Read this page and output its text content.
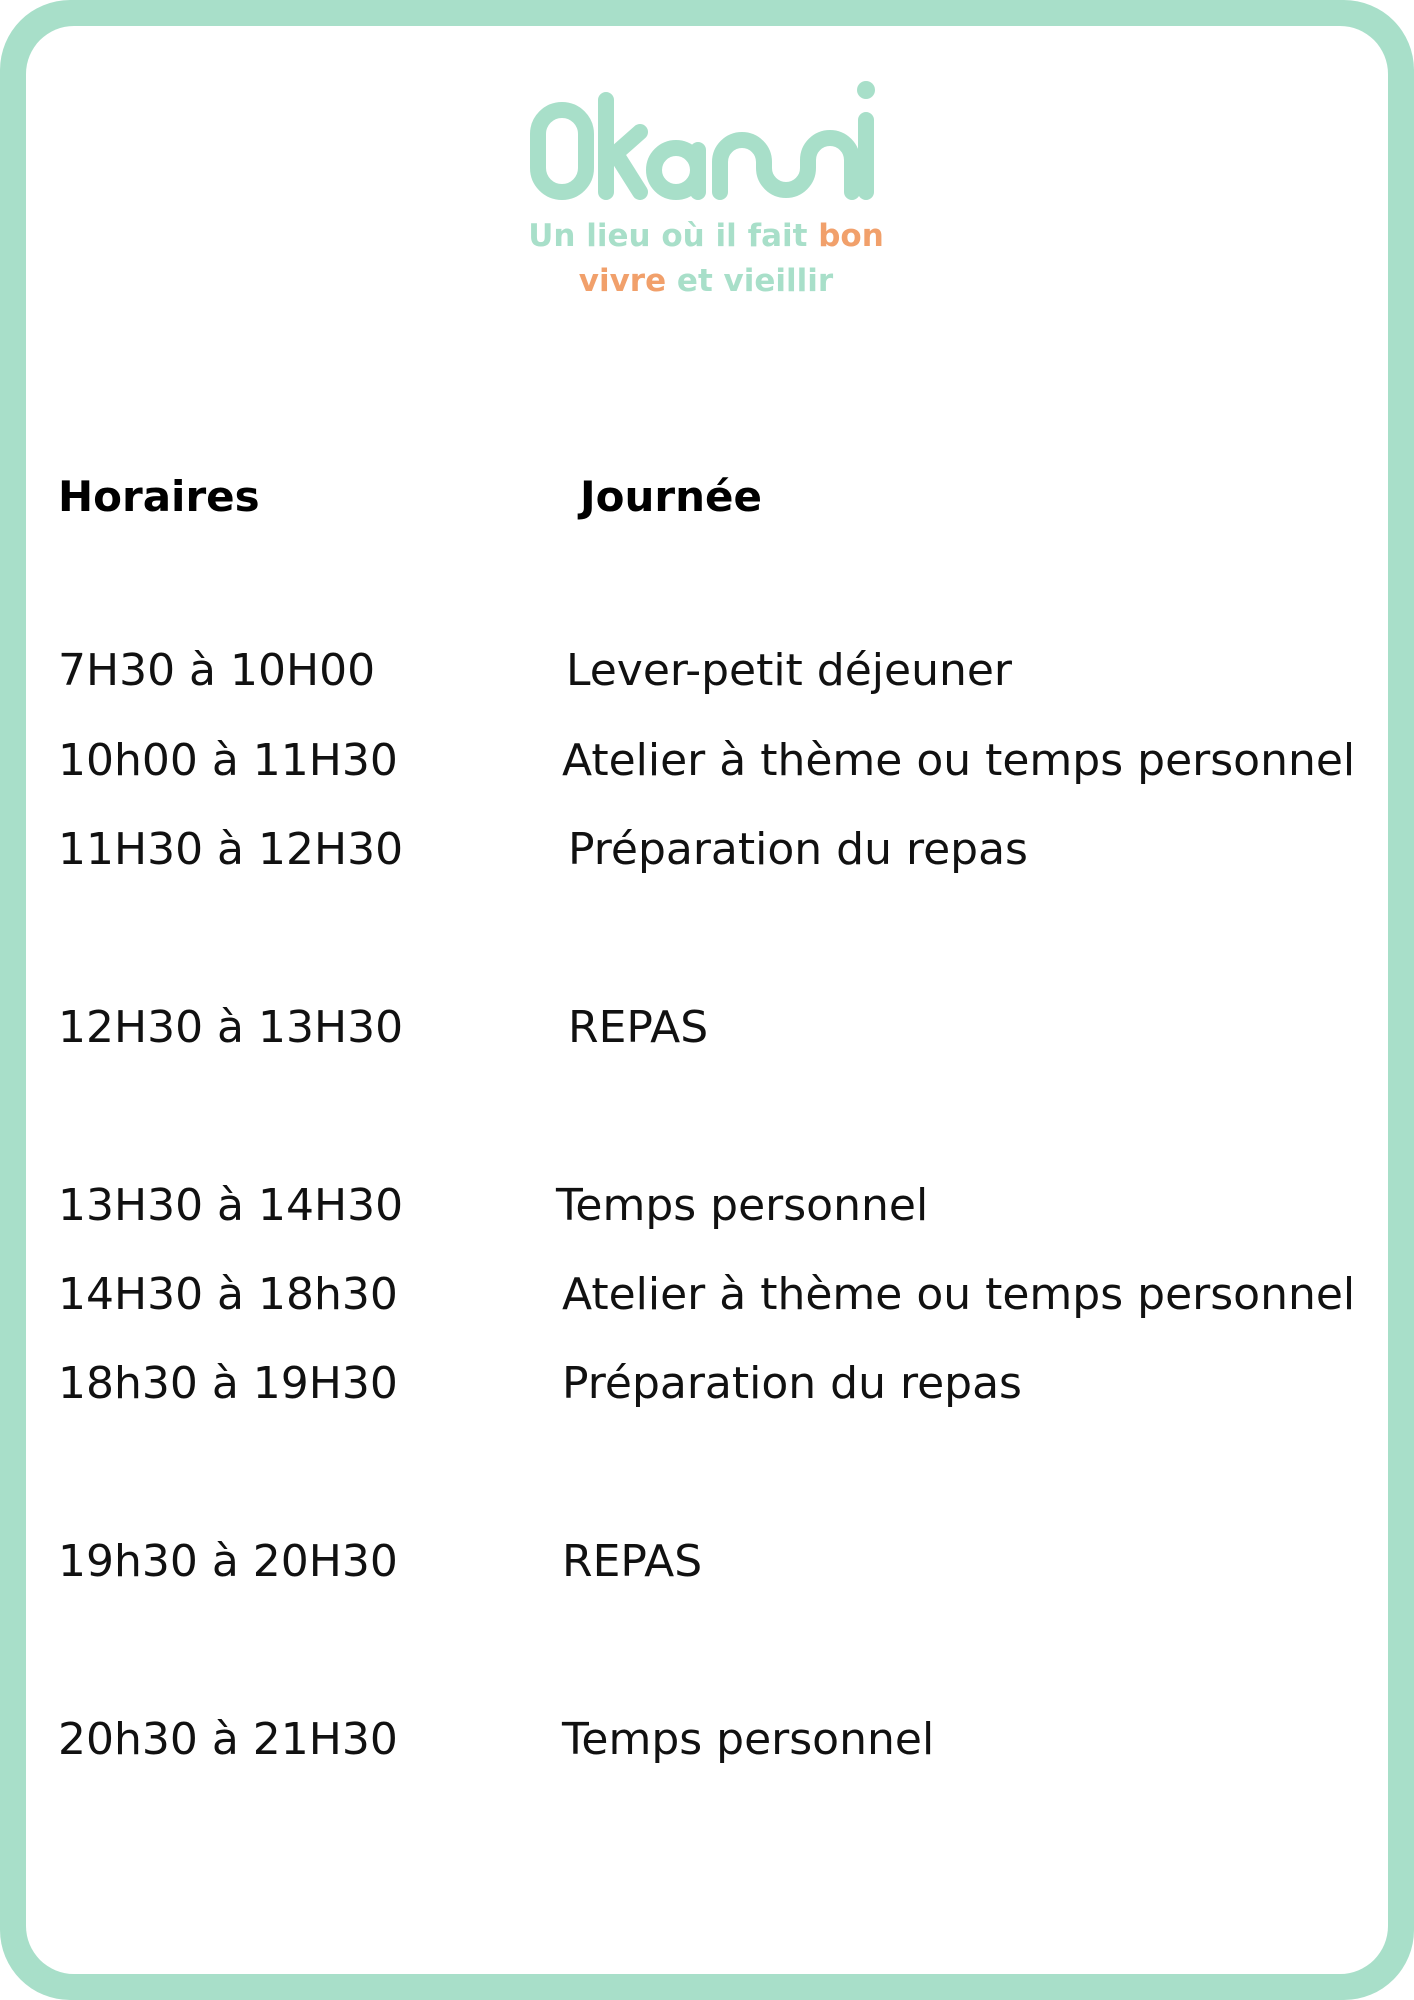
Un lieu où il fait bon
vivre et vieillir
Horaires	Journée
7H30 à 10H00	Lever-petit déjeuner
10h00 à 11H30	Atelier à thème ou temps personnel
11H30 à 12H30	Préparation du repas
12H30 à 13H30	REPAS
13H30 à 14H30	Temps personnel
14H30 à 18h30	Atelier à thème ou temps personnel
18h30 à 19H30	Préparation du repas
19h30 à 20H30	REPAS
20h30 à 21H30	Temps personnel
